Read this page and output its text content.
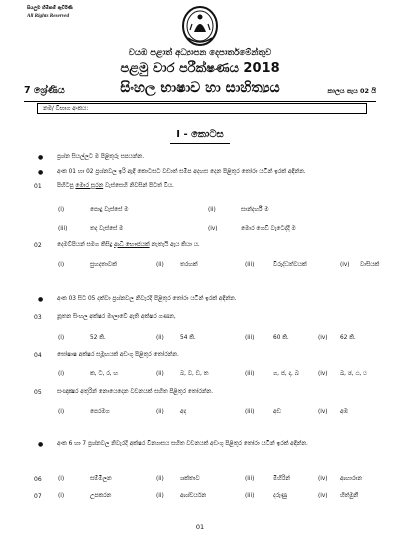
සියලුම හිමිකම් ඇවිරිණි
All Rights Reserved
වයඹ පළාත් අධ්‍යාපන දෙපාර්තමේන්තුව
පළමු වාර පරීක්ෂණය 2018
7 ශ්‍රේණිය	සිංහල භාෂාව හා සාහිත්‍යය	කාලය පැය 02 යි
නම/ විභාග අංකය:
I - කොටස
● ප්‍රශ්න සියල්ලට ම පිළිතුරු සපයන්න.
● අංක 01 හා 02 ප්‍රශ්නවල ඉරි ඇඳි කොටසට වඩාත් සමීප අදහස දෙන පිළිතුර තෝරා යටින් ඉරක් අඳින්න.
01	පිහිටපු මොර සුරන වැස්සෙහි නිවසින් පිටත් විය.
(i)	පොදු වැස්සේ ම	(ii)	සාන්දර්හී ම
(iii)	තද වැස්සේ ම	(iv)	මොර ගෙඩි වැටෙද්දී ම
02	දෙමව්පියන් සමග කිසිදු ආධී භෞජයක් නැතැයි ඇය කියා ය.
(i)	සුහදතාවක්	(ii)	තරහක්	(iii)	විරුද්ධත්වයක්	(iv) වාසියක්
● අංක 03 සිට 05 දක්වා ප්‍රශ්නවල නිවැරදි පිළිතුර තෝරා යටින් ඉරක් අඳින්න.
03	නූතන සිංහල අක්ෂර මාලාවේ ඇති අක්ෂර ගණන,
(i)	52 කි.	(ii)	54 කි.	(iii)	60 කි.	(iv) 62 කි.
04	ඝෝෂාෂ අක්ෂර සමූහයක් අඩංගු පිළිතුර තෝරන්න.
(i)	ක, ට, ර, හ	(ii)	බ, ව, ඩ, ත	(iii)	ග, ජ, ද, බ	(iv) ඛ, ඡ, ඨ, ථ
05	සංඥාක්‍ෂර අතුරින් නොයෙදෙන වචනයක් සහිත පිළිතුර තෝරන්න.
(i)	පෙරමග	(ii)	අද	(iii)	අඩ	(iv) අඹ
● අංක 6 හා 7 ප්‍රශ්නවල නිවැරදි අක්ෂර වින්‍යාසය සහිත වචනයක් අඩංගු පිළිතුර තෝරා යටින් ඉරක් අඳින්න.
06	(i)	සම්මිලන	(ii)	ශක්තාව	(iii)	මිහිරින්	(iv) ආහාරාන
07	(i)	උපකරන	(ii)	ආශ්චර්යන	(iii)	දරුණු	(iv) හිත්මුනී
01
